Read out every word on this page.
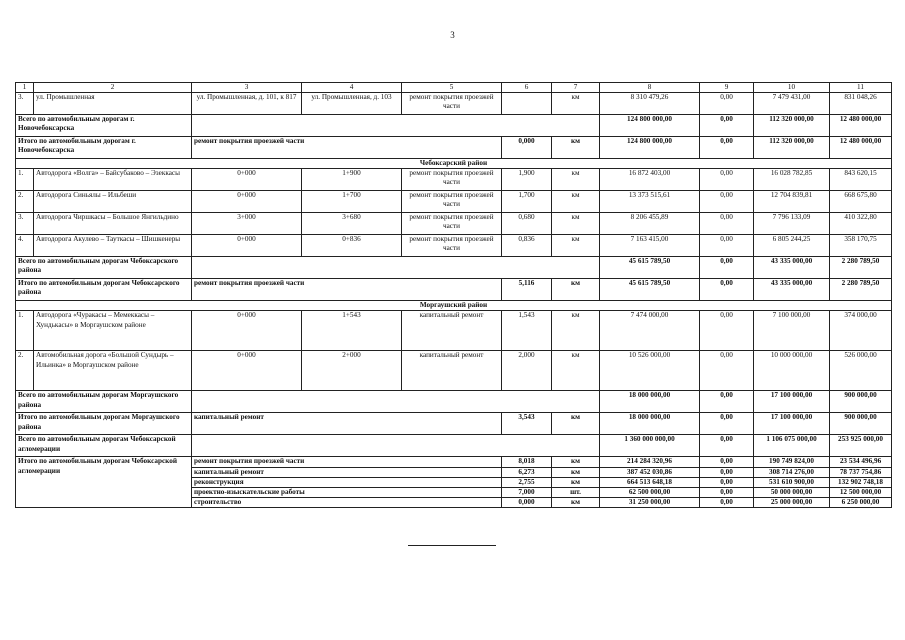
3
1	2	3	4	5	6	7	8	9	10	11
3.	ул. Промышленная	ул. Промышленная, д. 101, к 817	ул. Промышленная, д. 103	ремонт покрытия проезжей части		км	8 310 479,26	0,00	7 479 431,00	831 048,26
Всего по автомобильным дорогам г. Новочебоксарска							124 800 000,00	0,00	112 320 000,00	12 480 000,00
Итого по автомобильным дорогам г. Новочебоксарска		ремонт покрытия проезжей части			0,000	км	124 800 000,00	0,00	112 320 000,00	12 480 000,00
Чебоксарский район										
1.	Автодорога «Волга» – Байсубаково – Эзеккасы	0+000	1+900	ремонт покрытия проезжей части	1,900	км	16 872 403,00	0,00	16 028 782,85	843 620,15
2.	Автодорога Синьялы – Ильбеши	0+000	1+700	ремонт покрытия проезжей части	1,700	км	13 373 515,61	0,00	12 704 839,81	668 675,80
3.	Автодорога Чиршкасы – Большое Янгильдино	3+000	3+680	ремонт покрытия проезжей части	0,680	км	8 206 455,89	0,00	7 796 133,09	410 322,80
4.	Автодорога Акулево – Тауткасы – Шишкенеры	0+000	0+836	ремонт покрытия проезжей части	0,836	км	7 163 415,00	0,00	6 805 244,25	358 170,75
Всего по автомобильным дорогам Чебоксарского района							45 615 789,50	0,00	43 335 000,00	2 280 789,50
Итого по автомобильным дорогам Чебоксарского района		ремонт покрытия проезжей части			5,116	км	45 615 789,50	0,00	43 335 000,00	2 280 789,50
Моргаушский район										
1.	Автодорога «Чуракасы – Мемеккасы – Хундькасы» в Моргаушском районе	0+000	1+543	капитальный ремонт	1,543	км	7 474 000,00	0,00	7 100 000,00	374 000,00
2.	Автомобильная дорога «Большой Сундырь – Ильинка» в Моргаушском районе	0+000	2+000	капитальный ремонт	2,000	км	10 526 000,00	0,00	10 000 000,00	526 000,00
Всего по автомобильным дорогам Моргаушского района							18 000 000,00	0,00	17 100 000,00	900 000,00
Итого по автомобильным дорогам Моргаушского района		капитальный ремонт			3,543	км	18 000 000,00	0,00	17 100 000,00	900 000,00
Всего по автомобильным дорогам Чебоксарской агломерации							1 360 000 000,00	0,00	1 106 075 000,00	253 925 000,00
Итого по автомобильным дорогам Чебоксарской агломерации		ремонт покрытия проезжей части			8,018	км	214 284 320,96	0,00	190 749 824,00	23 534 496,96
		капитальный ремонт			6,273	км	387 452 030,86	0,00	308 714 276,00	78 737 754,86
		реконструкция			2,755	км	664 513 648,18	0,00	531 610 900,00	132 902 748,18
		проектно-изыскательские работы			7,000	шт.	62 500 000,00	0,00	50 000 000,00	12 500 000,00
		строительство			0,000	км	31 250 000,00	0,00	25 000 000,00	6 250 000,00
